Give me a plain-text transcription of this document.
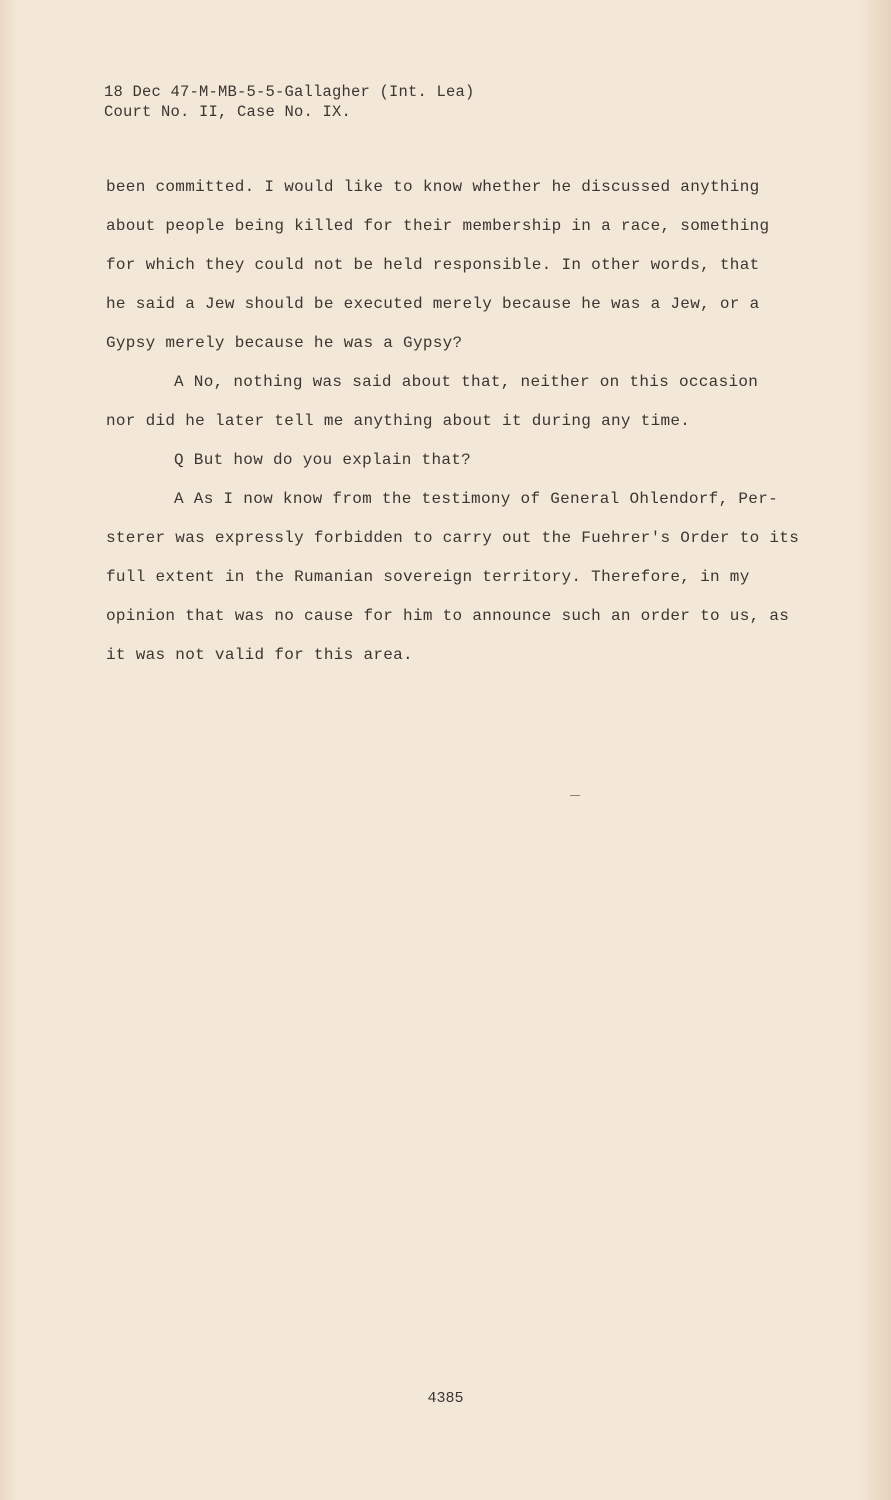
18 Dec 47-M-MB-5-5-Gallagher (Int. Lea)
Court No. II, Case No. IX.
been committed. I would like to know whether he discussed anything
about people being killed for their membership in a race, something
for which they could not be held responsible. In other words, that
he said a Jew should be executed merely because he was a Jew, or a
Gypsy merely because he was a Gypsy?
A No, nothing was said about that, neither on this occasion
nor did he later tell me anything about it during any time.
Q But how do you explain that?
A As I now know from the testimony of General Ohlendorf, Per-
sterer was expressly forbidden to carry out the Fuehrer's Order to its
full extent in the Rumanian sovereign territory. Therefore, in my
opinion that was no cause for him to announce such an order to us, as
it was not valid for this area.
4385
